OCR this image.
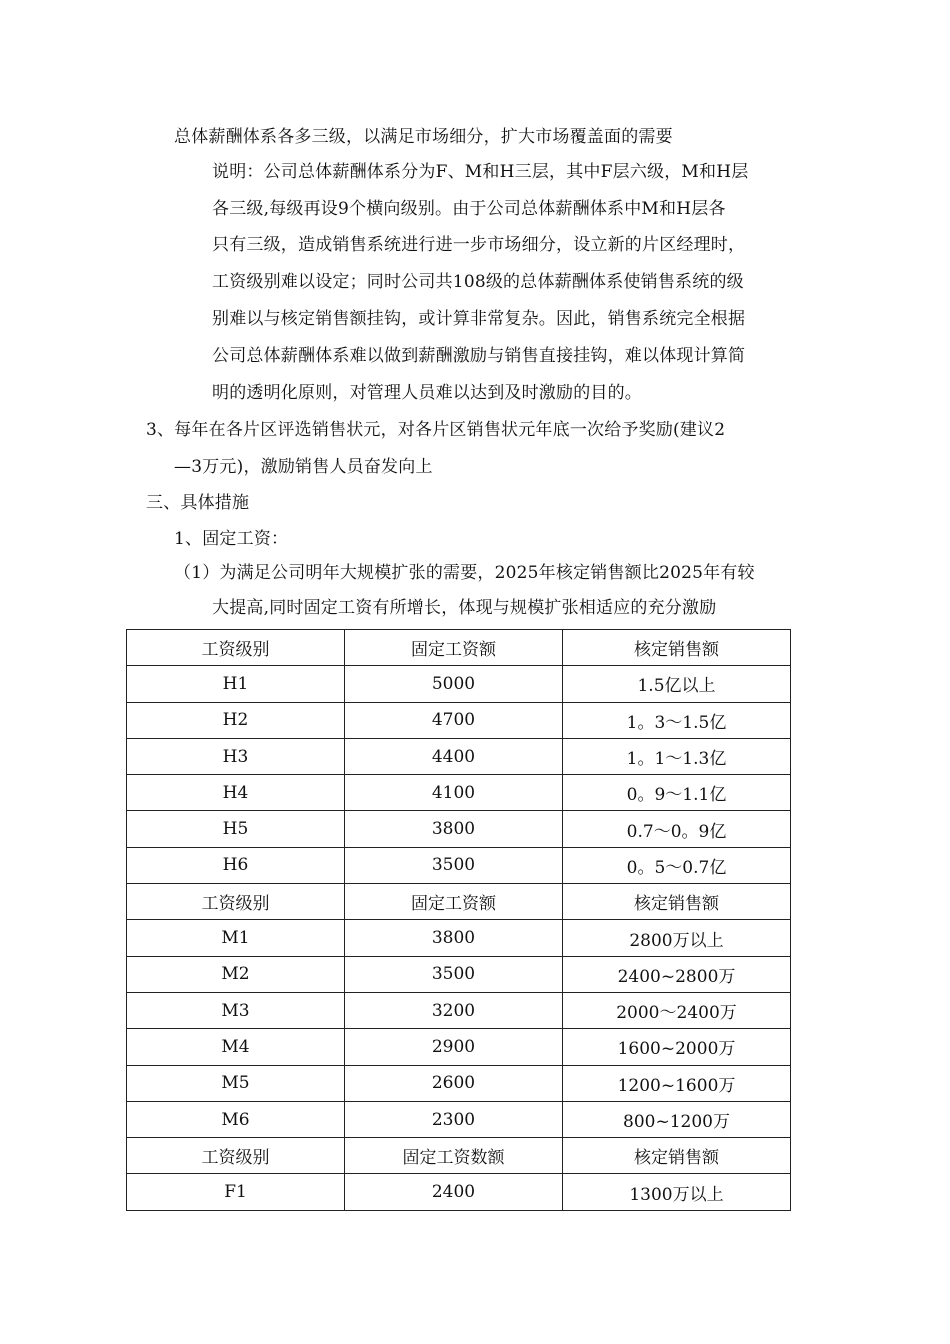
总体薪酬体系各多三级，以满足市场细分，扩大市场覆盖面的需要
说明：公司总体薪酬体系分为F、M和H三层，其中F层六级，M和H层
各三级,每级再设9个横向级别。由于公司总体薪酬体系中M和H层各
只有三级，造成销售系统进行进一步市场细分，设立新的片区经理时，
工资级别难以设定；同时公司共108级的总体薪酬体系使销售系统的级
别难以与核定销售额挂钩，或计算非常复杂。因此，销售系统完全根据
公司总体薪酬体系难以做到薪酬激励与销售直接挂钩，难以体现计算简
明的透明化原则，对管理人员难以达到及时激励的目的。
3、每年在各片区评选销售状元，对各片区销售状元年底一次给予奖励(建议2
—3万元)，激励销售人员奋发向上
三、具体措施
1、固定工资：
（1）为满足公司明年大规模扩张的需要，2025年核定销售额比2025年有较
大提高,同时固定工资有所增长，体现与规模扩张相适应的充分激励
工资级别	固定工资额	核定销售额
H1	5000	1.5亿以上
H2	4700	1。3～1.5亿
H3	4400	1。1～1.3亿
H4	4100	0。9～1.1亿
H5	3800	0.7～0。9亿
H6	3500	0。5～0.7亿
工资级别	固定工资额	核定销售额
M1	3800	2800万以上
M2	3500	2400~2800万
M3	3200	2000～2400万
M4	2900	1600~2000万
M5	2600	1200~1600万
M6	2300	800~1200万
工资级别	固定工资数额	核定销售额
F1	2400	1300万以上
